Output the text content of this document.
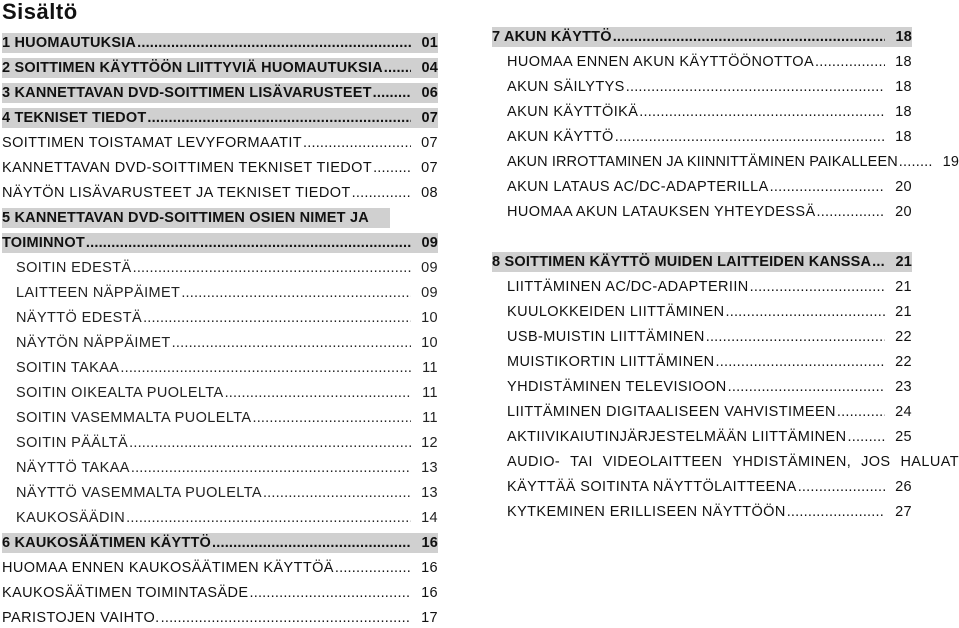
Sisältö
1 HUOMAUTUKSIA .....	01
2 SOITTIMEN KÄYTTÖÖN LIITTYVIÄ HUOMAUTUKSIA .....	04
3 KANNETTAVAN DVD-SOITTIMEN LISÄVARUSTEET .....	06
4 TEKNISET TIEDOT .....	07
SOITTIMEN TOISTAMAT LEVYFORMAATIT .....	07
KANNETTAVAN DVD-SOITTIMEN TEKNISET TIEDOT .....	07
NÄYTÖN LISÄVARUSTEET JA TEKNISET TIEDOT .....	08
5 KANNETTAVAN DVD-SOITTIMEN OSIEN NIMET JA
TOIMINNOT .....	09
SOITIN EDESTÄ .....	09
LAITTEEN NÄPPÄIMET .....	09
NÄYTTÖ EDESTÄ .....	10
NÄYTÖN NÄPPÄIMET .....	10
SOITIN TAKAA .....	11
SOITIN OIKEALTA PUOLELTA .....	11
SOITIN VASEMMALTA PUOLELTA .....	11
SOITIN PÄÄLTÄ .....	12
NÄYTTÖ TAKAA .....	13
NÄYTTÖ VASEMMALTA PUOLELTA .....	13
KAUKOSÄÄDIN .....	14
6 KAUKOSÄÄTIMEN KÄYTTÖ .....	16
HUOMAA ENNEN KAUKOSÄÄTIMEN KÄYTTÖÄ .....	16
KAUKOSÄÄTIMEN TOIMINTASÄDE .....	16
PARISTOJEN VAIHTO. .....	17
7 AKUN KÄYTTÖ .....	18
HUOMAA ENNEN AKUN KÄYTTÖÖNOTTOA .....	18
AKUN SÄILYTYS .....	18
AKUN KÄYTTÖIKÄ .....	18
AKUN KÄYTTÖ .....	18
AKUN IRROTTAMINEN JA KIINNITTÄMINEN PAIKALLEEN .....	19
AKUN LATAUS AC/DC-ADAPTERILLA .....	20
HUOMAA AKUN LATAUKSEN YHTEYDESSÄ .....	20
8 SOITTIMEN KÄYTTÖ MUIDEN LAITTEIDEN KANSSA .....	21
LIITTÄMINEN AC/DC-ADAPTERIIN .....	21
KUULOKKEIDEN LIITTÄMINEN .....	21
USB-MUISTIN LIITTÄMINEN .....	22
MUISTIKORTIN LIITTÄMINEN .....	22
YHDISTÄMINEN TELEVISIOON .....	23
LIITTÄMINEN DIGITAALISEEN VAHVISTIMEEN .....	24
AKTIIVIKAIUTINJÄRJESTELMÄÄN LIITTÄMINEN .....	25
AUDIO- TAI VIDEOLAITTEEN YHDISTÄMINEN, JOS HALUAT
KÄYTTÄÄ SOITINTA NÄYTTÖLAITTEENA .....	26
KYTKEMINEN ERILLISEEN NÄYTTÖÖN .....	27
